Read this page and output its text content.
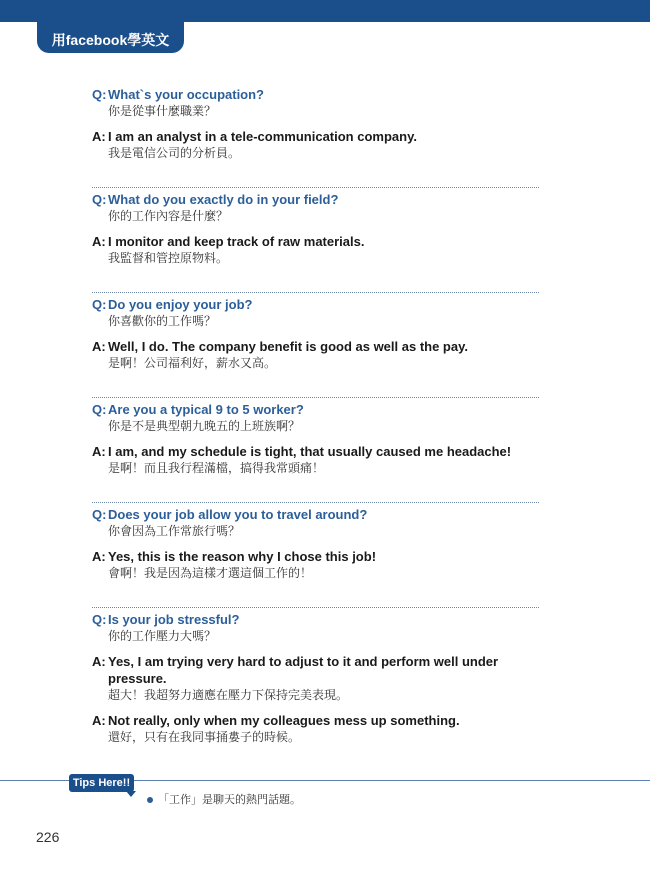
用facebook學英文
Q: What`s your occupation?
你是從事什麼職業？
A: I am an analyst in a tele-communication company.
我是電信公司的分析員。
Q: What do you exactly do in your field?
你的工作內容是什麼？
A: I monitor and keep track of raw materials.
我監督和管控原物料。
Q: Do you enjoy your job?
你喜歡你的工作嗎？
A: Well, I do. The company benefit is good as well as the pay.
是啊！公司福利好，薪水又高。
Q: Are you a typical 9 to 5 worker?
你是不是典型朝九晚五的上班族啊？
A: I am, and my schedule is tight, that usually caused me headache!
是啊！而且我行程滿檔，搞得我常頭痛！
Q: Does your job allow you to travel around?
你會因為工作常旅行嗎？
A: Yes, this is the reason why I chose this job!
會啊！我是因為這樣才選這個工作的！
Q: Is your job stressful?
你的工作壓力大嗎？
A: Yes, I am trying very hard to adjust to it and perform well under pressure.
超大！我超努力適應在壓力下保持完美表現。
A: Not really, only when my colleagues mess up something.
還好，只有在我同事捅婁子的時候。
Tips Here!!
「工作」是聊天的熱門話題。
226
